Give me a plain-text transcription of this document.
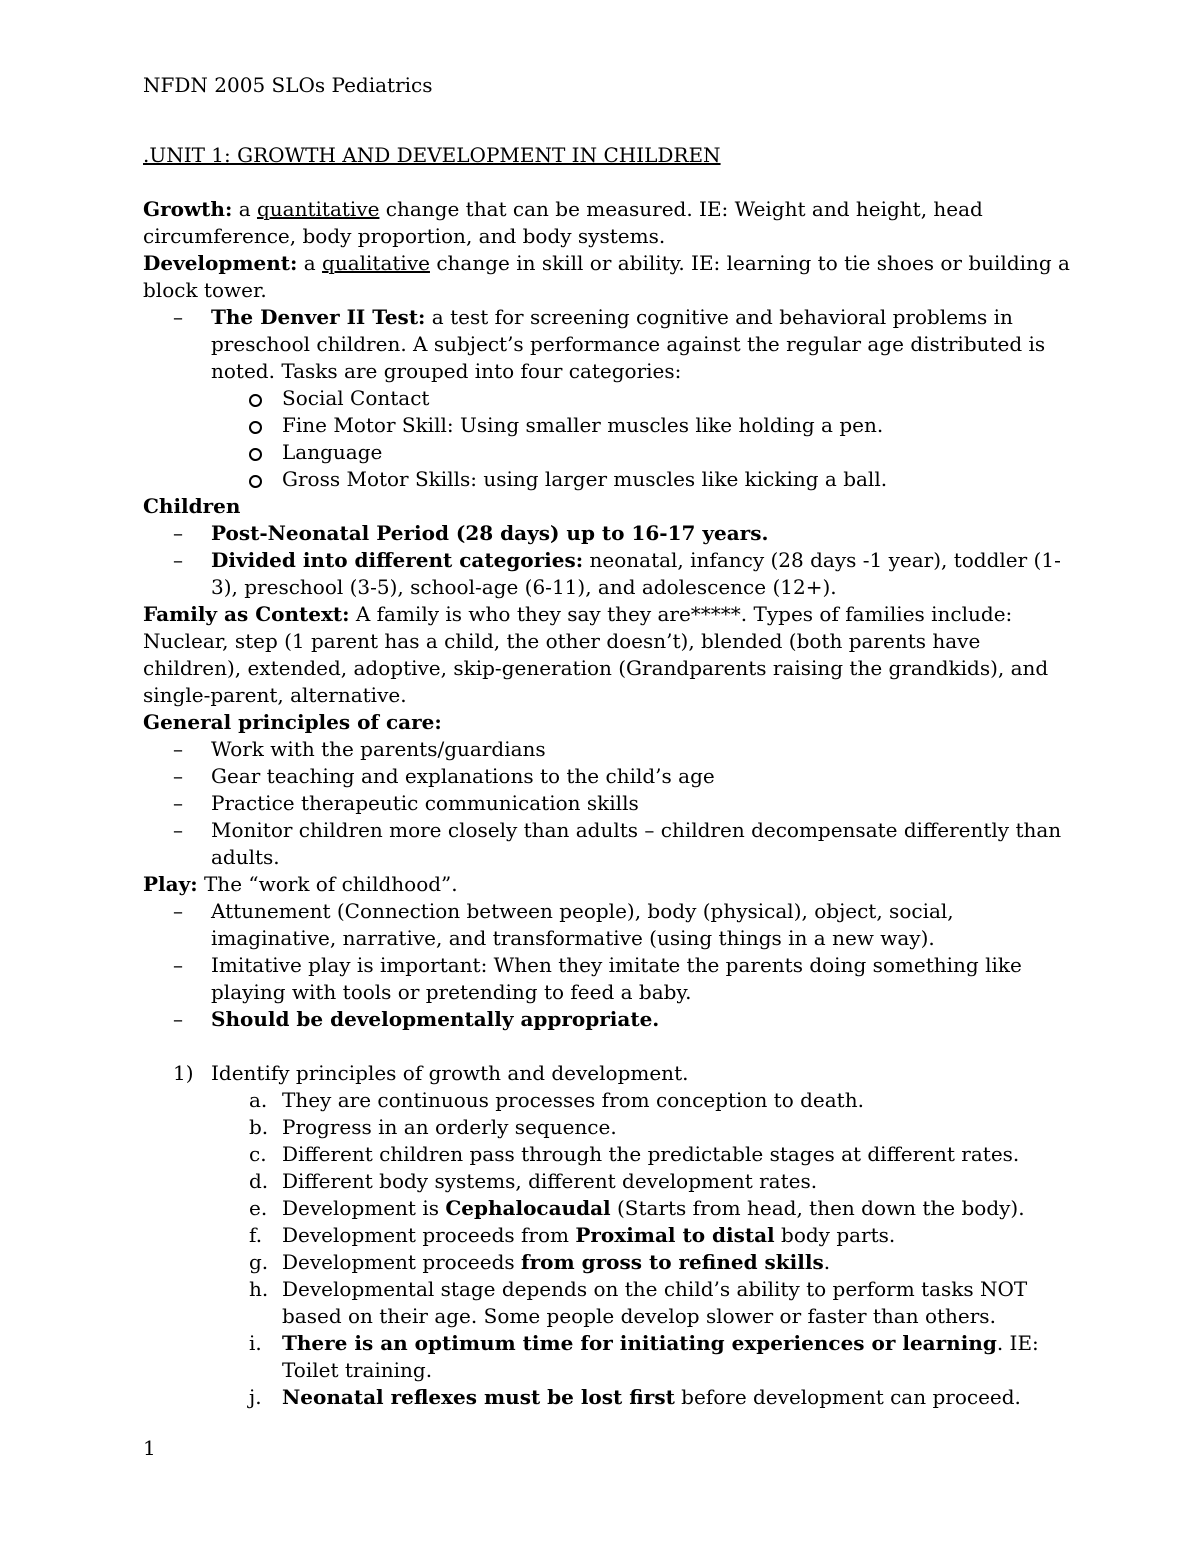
NFDN 2005 SLOs Pediatrics
.UNIT 1: GROWTH AND DEVELOPMENT IN CHILDREN
Growth: a quantitative change that can be measured. IE: Weight and height, head circumference, body proportion, and body systems.
Development: a qualitative change in skill or ability. IE: learning to tie shoes or building a block tower.
–	The Denver II Test: a test for screening cognitive and behavioral problems in preschool children. A subject’s performance against the regular age distributed is noted. Tasks are grouped into four categories:
Social Contact
Fine Motor Skill: Using smaller muscles like holding a pen.
Language
Gross Motor Skills: using larger muscles like kicking a ball.
Children
–	Post-Neonatal Period (28 days) up to 16-17 years.
–	Divided into different categories: neonatal, infancy (28 days -1 year), toddler (1-3), preschool (3-5), school-age (6-11), and adolescence (12+).
Family as Context: A family is who they say they are*****. Types of families include: Nuclear, step (1 parent has a child, the other doesn’t), blended (both parents have children), extended, adoptive, skip-generation (Grandparents raising the grandkids), and single-parent, alternative.
General principles of care:
–	Work with the parents/guardians
–	Gear teaching and explanations to the child’s age
–	Practice therapeutic communication skills
–	Monitor children more closely than adults – children decompensate differently than adults.
Play: The “work of childhood”.
–	Attunement (Connection between people), body (physical), object, social, imaginative, narrative, and transformative (using things in a new way).
–	Imitative play is important: When they imitate the parents doing something like playing with tools or pretending to feed a baby.
–	Should be developmentally appropriate.
1) Identify principles of growth and development.
a. They are continuous processes from conception to death.
b. Progress in an orderly sequence.
c. Different children pass through the predictable stages at different rates.
d. Different body systems, different development rates.
e. Development is Cephalocaudal (Starts from head, then down the body).
f. Development proceeds from Proximal to distal body parts.
g. Development proceeds from gross to refined skills.
h. Developmental stage depends on the child’s ability to perform tasks NOT based on their age. Some people develop slower or faster than others.
i. There is an optimum time for initiating experiences or learning. IE: Toilet training.
j. Neonatal reflexes must be lost first before development can proceed.
1
